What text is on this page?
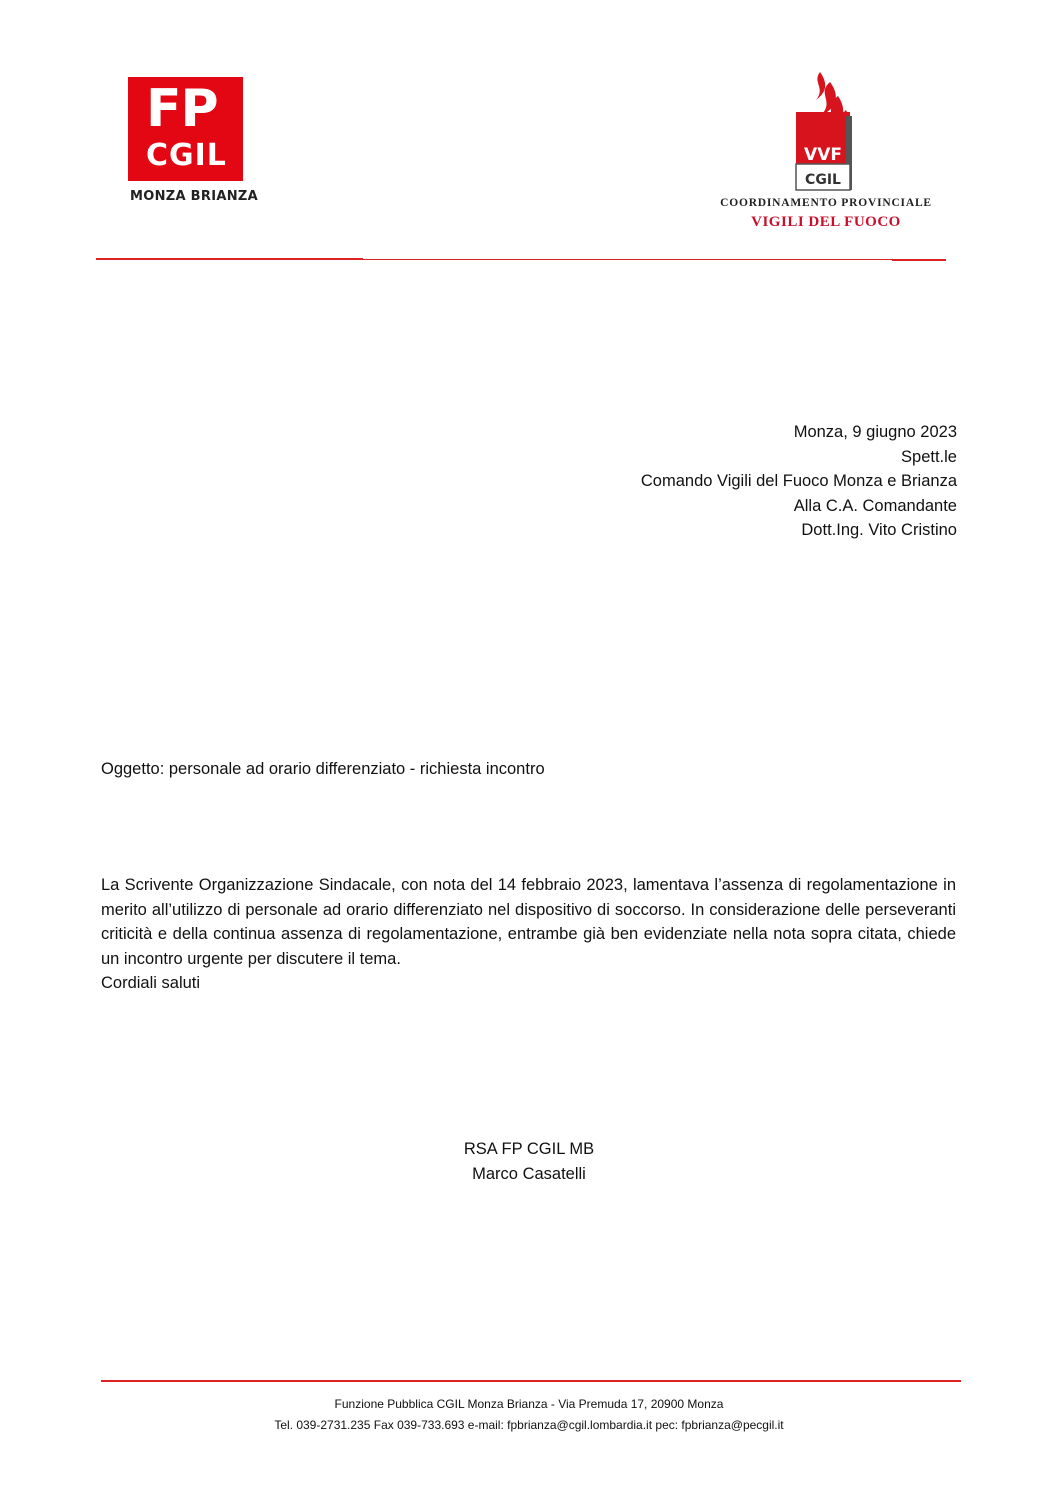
FP
CGIL
MONZA BRIANZA
VVF
CGIL
COORDINAMENTO PROVINCIALE
VIGILI DEL FUOCO
Monza, 9 giugno 2023
Spett.le
Comando Vigili del Fuoco Monza e Brianza
Alla C.A. Comandante
Dott.Ing. Vito Cristino
Oggetto: personale ad orario differenziato - richiesta incontro
La Scrivente Organizzazione Sindacale, con nota del 14 febbraio 2023, lamentava l’assenza di regolamentazione in merito all’utilizzo di personale ad orario differenziato nel dispositivo di soccorso. In considerazione delle perseveranti criticità e della continua assenza di regolamentazione, entrambe già ben evidenziate nella nota sopra citata, chiede un incontro urgente per discutere il tema.
Cordiali saluti
RSA FP CGIL MB
Marco Casatelli
Funzione Pubblica CGIL Monza Brianza - Via Premuda 17, 20900 Monza
Tel. 039-2731.235 Fax 039-733.693 e-mail: fpbrianza@cgil.lombardia.it pec: fpbrianza@pecgil.it
